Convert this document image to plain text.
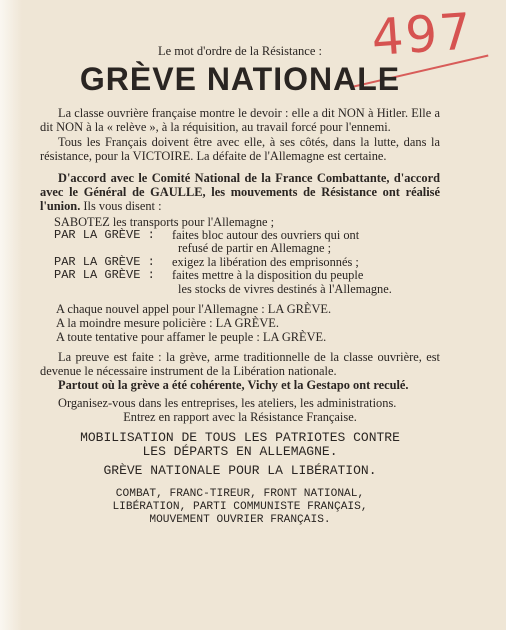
497
Le mot d'ordre de la Résistance :
GRÈVE NATIONALE

La classe ouvrière française montre le devoir : elle a dit NON à Hitler. Elle a dit NON à la « relève », à la réquisition, au travail forcé pour l'ennemi.

Tous les Français doivent être avec elle, à ses côtés, dans la lutte, dans la résistance, pour la VICTOIRE. La défaite de l'Allemagne est certaine.

D'accord avec le Comité National de la France Combattante, d'accord avec le Général de GAULLE, les mouvements de Résistance ont réalisé l'union. Ils vous disent :

SABOTEZ les transports pour l'Allemagne ;
PAR LA GRÈVE :	faites bloc autour des ouvriers qui ont
refusé de partir en Allemagne ;
PAR LA GRÈVE :	exigez la libération des emprisonnés ;
PAR LA GRÈVE :	faites mettre à la disposition du peuple
les stocks de vivres destinés à l'Allemagne.
A chaque nouvel appel pour l'Allemagne : LA GRÈVE.
A la moindre mesure policière : LA GRÈVE.
A toute tentative pour affamer le peuple : LA GRÈVE.

La preuve est faite : la grève, arme traditionnelle de la classe ouvrière, est devenue le nécessaire instrument de la Libération nationale.

Partout où la grève a été cohérente, Vichy et la Gestapo ont reculé.

Organisez-vous dans les entreprises, les ateliers, les administrations.

Entrez en rapport avec la Résistance Française.
MOBILISATION DE TOUS LES PATRIOTES CONTRE
LES DÉPARTS EN ALLEMAGNE.
GRÈVE NATIONALE POUR LA LIBÉRATION.
COMBAT, FRANC-TIREUR, FRONT NATIONAL,
LIBÉRATION, PARTI COMMUNISTE FRANÇAIS,
MOUVEMENT OUVRIER FRANÇAIS.
